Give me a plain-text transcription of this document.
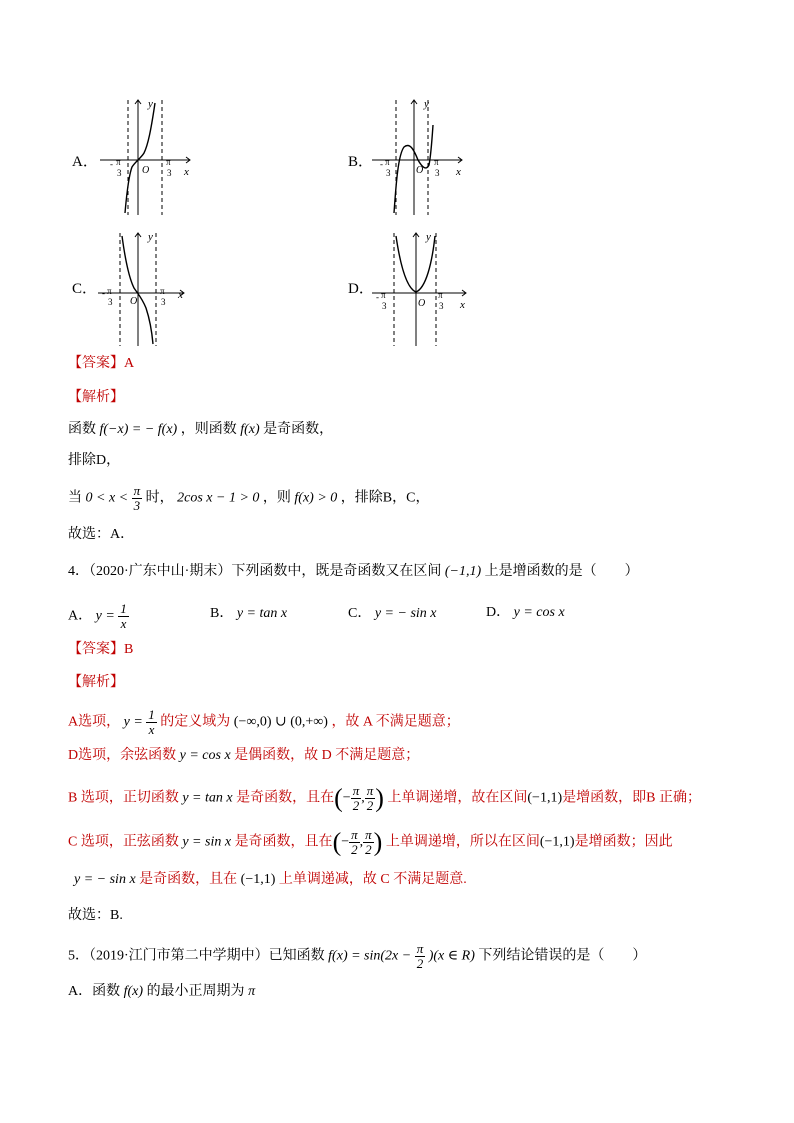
A．
y
x
O
- π
3
π
3
B．
y
x
O
- π
3
π
3
C．
y
x
O
- π
3
π
3
D．
y
x
O
- π
3
π
3
【答案】A
【解析】
函数 f(−x) = − f(x) ，则函数 f(x) 是奇函数，
排除D，
当 $0 < x < \frac{\pi}{3}$ 时， 2cos x − 1 > 0 ，则 f(x) > 0 ，排除B，C，
故选：A．
4．（2020·广东中山·期末）下列函数中，既是奇函数又在区间 (−1,1) 上是增函数的是（　　）
A． $y = \frac{1}{x}$	B． y = tan x	C． y = − sin x	D． y = cos x
【答案】B
【解析】
A选项， $y = \frac{1}{x}$ 的定义域为 (−∞,0) ∪ (0,+∞) ，故 A 不满足题意；
D选项，余弦函数 y = cos x 是偶函数，故 D 不满足题意；
B 选项，正切函数 y = tan x 是奇函数，且在(− $\frac{\pi}{2}$ , $\frac{\pi}{2}$ ) 上单调递增，故在区间(−1,1)是增函数，即B 正确；
C 选项，正弦函数 y = sin x 是奇函数，且在(− $\frac{\pi}{2}$ , $\frac{\pi}{2}$ ) 上单调递增，所以在区间(−1,1)是增函数；因此
y = − sin x 是奇函数，且在 (−1,1) 上单调递减，故 C 不满足题意.
故选：B.
5．（2019·江门市第二中学期中）已知函数 $f(x) = \sin(2x - \frac{\pi}{2} )(x$ ∈ R) 下列结论错误的是（　　）
A．函数 f(x) 的最小正周期为 π
